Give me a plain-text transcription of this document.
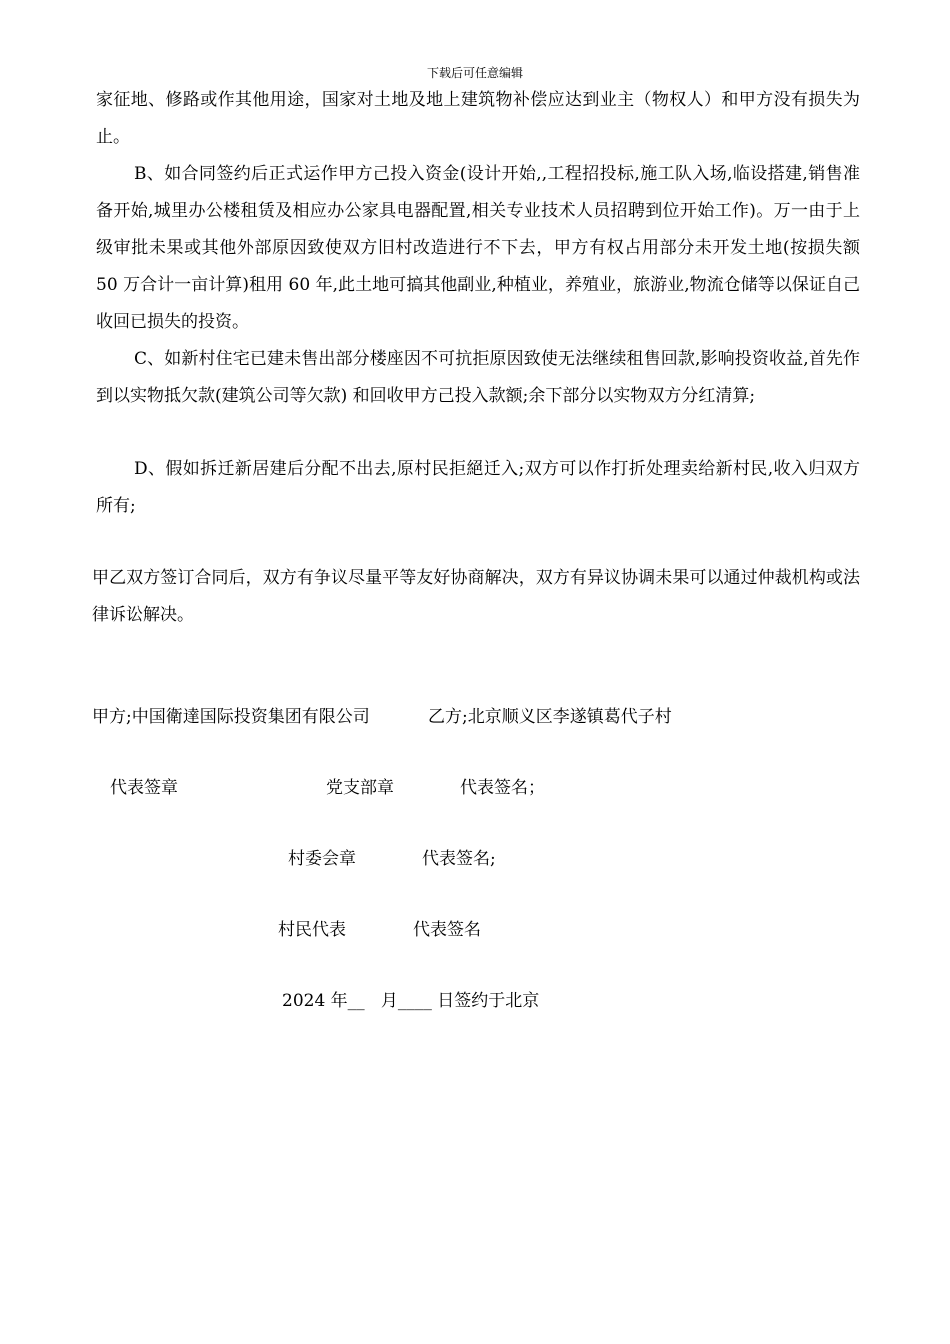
下载后可任意编辑

家征地、修路或作其他用途，国家对土地及地上建筑物补偿应达到业主（物权人）和甲方没有损失为止。

B、如合同签约后正式运作甲方己投入资金(设计开始,,工程招投标,施工队入场,临设搭建,销售准备开始,城里办公楼租赁及相应办公家具电器配置,相关专业技术人员招聘到位开始工作)。万一由于上级审批未果或其他外部原因致使双方旧村改造进行不下去，甲方有权占用部分未开发土地(按损失额 50 万合计一亩计算)租用 60 年,此土地可搞其他副业,种植业，养殖业，旅游业,物流仓储等以保证自己收回已损失的投资。

C、如新村住宅已建未售出部分楼座因不可抗拒原因致使无法继续租售回款,影响投资收益,首先作到以实物抵欠款(建筑公司等欠款) 和回收甲方己投入款额;余下部分以实物双方分红清算;

D、假如拆迁新居建后分配不出去,原村民拒絕迁入;双方可以作打折处理卖给新村民,收入归双方所有;

甲乙双方签订合同后，双方有争议尽量平等友好协商解决，双方有异议协调未果可以通过仲裁机构或法律诉讼解决。

甲方;中国衛達国际投资集团有限公司	乙方;北京顺义区李遂镇葛代子村
代表签章	党支部章	代表签名；
村委会章	代表签名;
村民代表	代表签名
2024 年__   月____ 日签约于北京
